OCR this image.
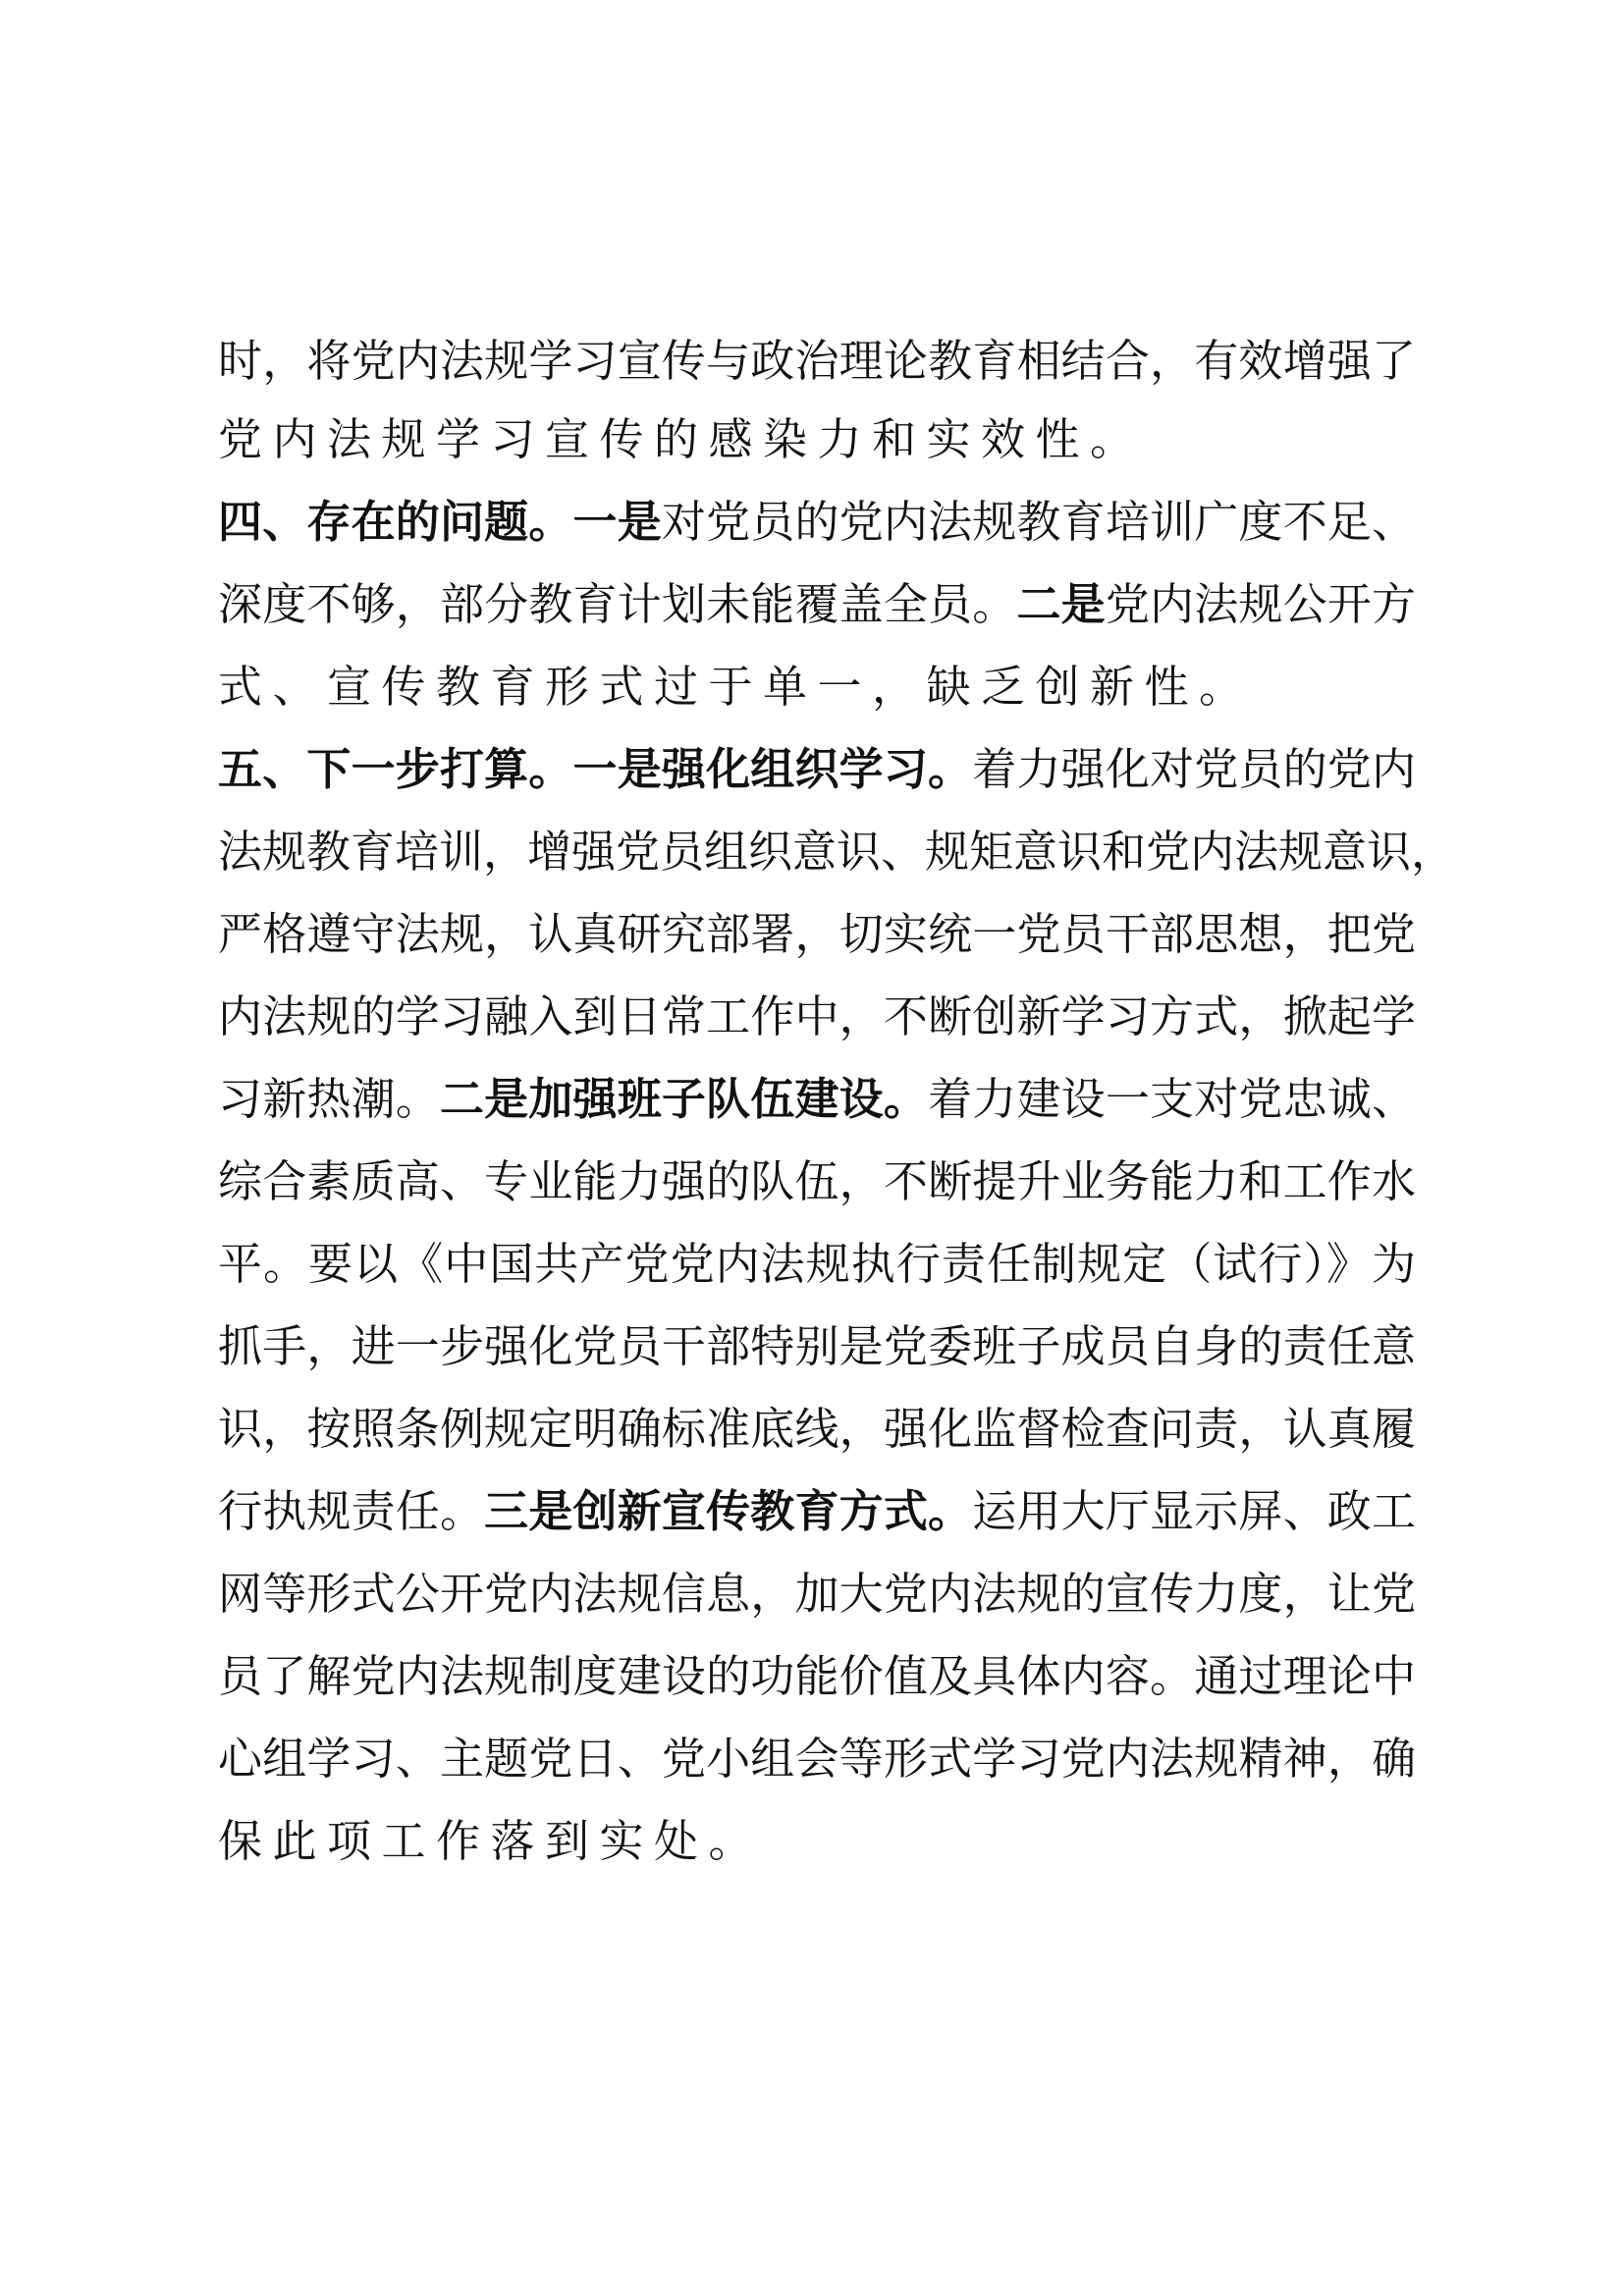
时，将党内法规学习宣传与政治理论教育相结合，有效增强了
党内法规学习宣传的感染力和实效性。
四、存在的问题。一是对党员的党内法规教育培训广度不足、
深度不够，部分教育计划未能覆盖全员。二是党内法规公开方
式、宣传教育形式过于单一，缺乏创新性。
五、下一步打算。一是强化组织学习。着力强化对党员的党内
法规教育培训，增强党员组织意识、规矩意识和党内法规意识，
严格遵守法规，认真研究部署，切实统一党员干部思想，把党
内法规的学习融入到日常工作中，不断创新学习方式，掀起学
习新热潮。二是加强班子队伍建设。着力建设一支对党忠诚、
综合素质高、专业能力强的队伍，不断提升业务能力和工作水
平。要以《中国共产党党内法规执行责任制规定（试行）》为
抓手，进一步强化党员干部特别是党委班子成员自身的责任意
识，按照条例规定明确标准底线，强化监督检查问责，认真履
行执规责任。三是创新宣传教育方式。运用大厅显示屏、政工
网等形式公开党内法规信息，加大党内法规的宣传力度，让党
员了解党内法规制度建设的功能价值及具体内容。通过理论中
心组学习、主题党日、党小组会等形式学习党内法规精神，确
保此项工作落到实处。
